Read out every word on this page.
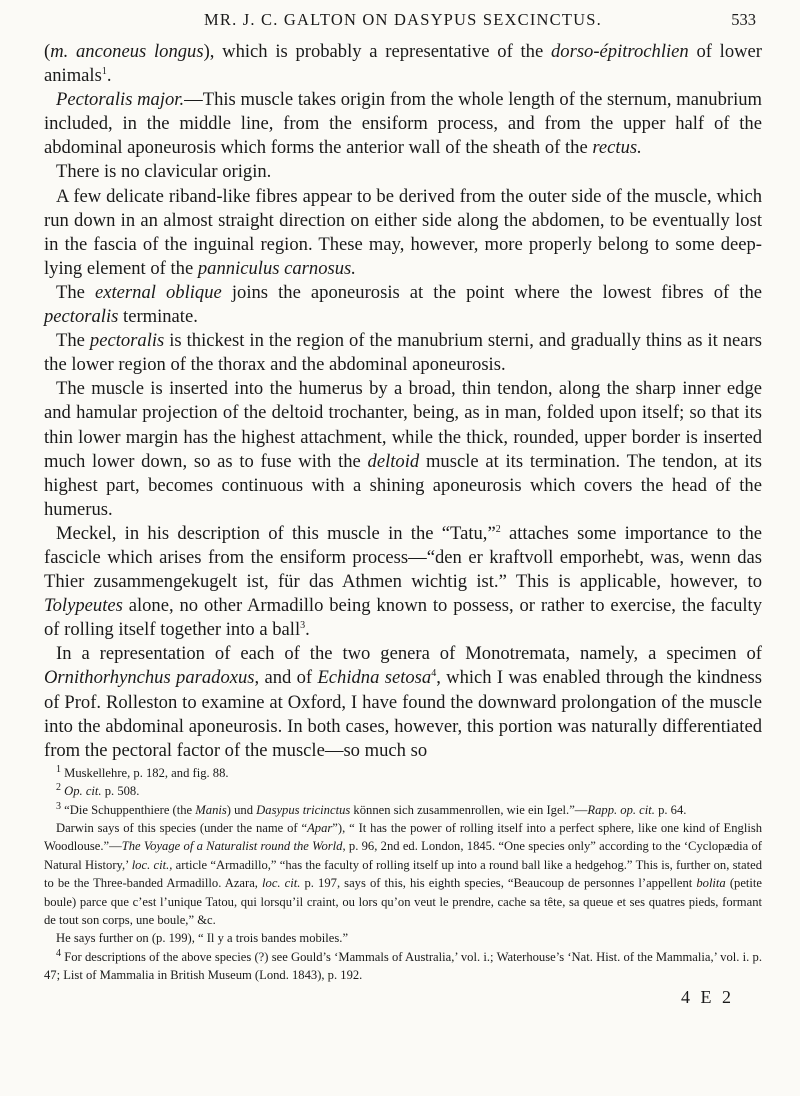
MR. J. C. GALTON ON DASYPUS SEXCINCTUS.	533

(m. anconeus longus), which is probably a representative of the dorso-épitrochlien of lower animals$^1$.

Pectoralis major.—This muscle takes origin from the whole length of the sternum, manubrium included, in the middle line, from the ensiform process, and from the upper half of the abdominal aponeurosis which forms the anterior wall of the sheath of the rectus.

There is no clavicular origin.

A few delicate riband-like fibres appear to be derived from the outer side of the muscle, which run down in an almost straight direction on either side along the abdomen, to be eventually lost in the fascia of the inguinal region. These may, however, more properly belong to some deep-lying element of the panniculus carnosus.

The external oblique joins the aponeurosis at the point where the lowest fibres of the pectoralis terminate.

The pectoralis is thickest in the region of the manubrium sterni, and gradually thins as it nears the lower region of the thorax and the abdominal aponeurosis.

The muscle is inserted into the humerus by a broad, thin tendon, along the sharp inner edge and hamular projection of the deltoid trochanter, being, as in man, folded upon itself; so that its thin lower margin has the highest attachment, while the thick, rounded, upper border is inserted much lower down, so as to fuse with the deltoid muscle at its termination. The tendon, at its highest part, becomes continuous with a shining aponeurosis which covers the head of the humerus.

Meckel, in his description of this muscle in the “Tatu,”$^2$ attaches some importance to the fascicle which arises from the ensiform process—“den er kraftvoll emporhebt, was, wenn das Thier zusammengekugelt ist, für das Athmen wichtig ist.” This is applicable, however, to Tolypeutes alone, no other Armadillo being known to possess, or rather to exercise, the faculty of rolling itself together into a ball$^3$.

In a representation of each of the two genera of Monotremata, namely, a specimen of Ornithorhynchus paradoxus, and of Echidna setosa$^4$, which I was enabled through the kindness of Prof. Rolleston to examine at Oxford, I have found the downward prolongation of the muscle into the abdominal aponeurosis. In both cases, however, this portion was naturally differentiated from the pectoral factor of the muscle—so much so

$^1$ Muskellehre, p. 182, and fig. 88.

$^2$ Op. cit. p. 508.

$^3$ “Die Schuppenthiere (the Manis) und Dasypus tricinctus können sich zusammenrollen, wie ein Igel.”—Rapp. op. cit. p. 64.

Darwin says of this species (under the name of “Apar”), “ It has the power of rolling itself into a perfect sphere, like one kind of English Woodlouse.”—The Voyage of a Naturalist round the World, p. 96, 2nd ed. London, 1845. “One species only” according to the ‘Cyclopædia of Natural History,’ loc. cit., article “Armadillo,” “has the faculty of rolling itself up into a round ball like a hedgehog.” This is, further on, stated to be the Three-banded Armadillo. Azara, loc. cit. p. 197, says of this, his eighth species, “Beaucoup de personnes l’appellent bolita (petite boule) parce que c’est l’unique Tatou, qui lorsqu’il craint, ou lors qu’on veut le prendre, cache sa tête, sa queue et ses quatres pieds, formant de tout son corps, une boule,” &c.

He says further on (p. 199), “ Il y a trois bandes mobiles.”

$^4$ For descriptions of the above species (?) see Gould’s ‘Mammals of Australia,’ vol. i.; Waterhouse’s ‘Nat. Hist. of the Mammalia,’ vol. i. p. 47; List of Mammalia in British Museum (Lond. 1843), p. 192.

4 E 2
